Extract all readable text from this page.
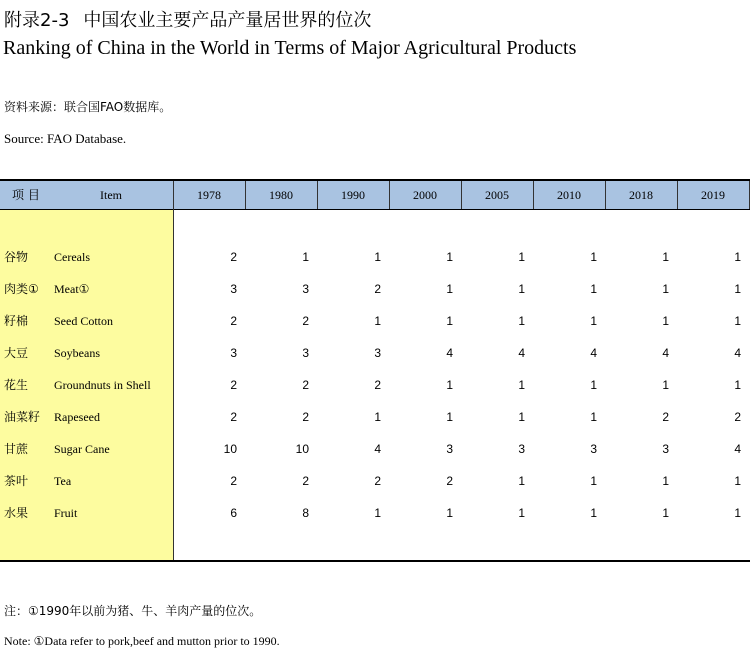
附录2-3 中国农业主要产品产量居世界的位次
Ranking of China in the World in Terms of Major Agricultural Products
资料来源：联合国FAO数据库。
Source: FAO Database.
项 目	Item	1978	1980	1990	2000	2005	2010	2018	2019
谷物 Cereals	2	1	1	1	1	1	1	1
肉类① Meat①	3	3	2	1	1	1	1	1
籽棉 Seed Cotton	2	2	1	1	1	1	1	1
大豆 Soybeans	3	3	3	4	4	4	4	4
花生 Groundnuts in Shell	2	2	2	1	1	1	1	1
油菜籽 Rapeseed	2	2	1	1	1	1	2	2
甘蔗 Sugar Cane	10	10	4	3	3	3	3	4
茶叶 Tea	2	2	2	2	1	1	1	1
水果 Fruit	6	8	1	1	1	1	1	1
注：①1990年以前为猪、牛、羊肉产量的位次。
Note: ①Data refer to pork,beef and mutton prior to 1990.
